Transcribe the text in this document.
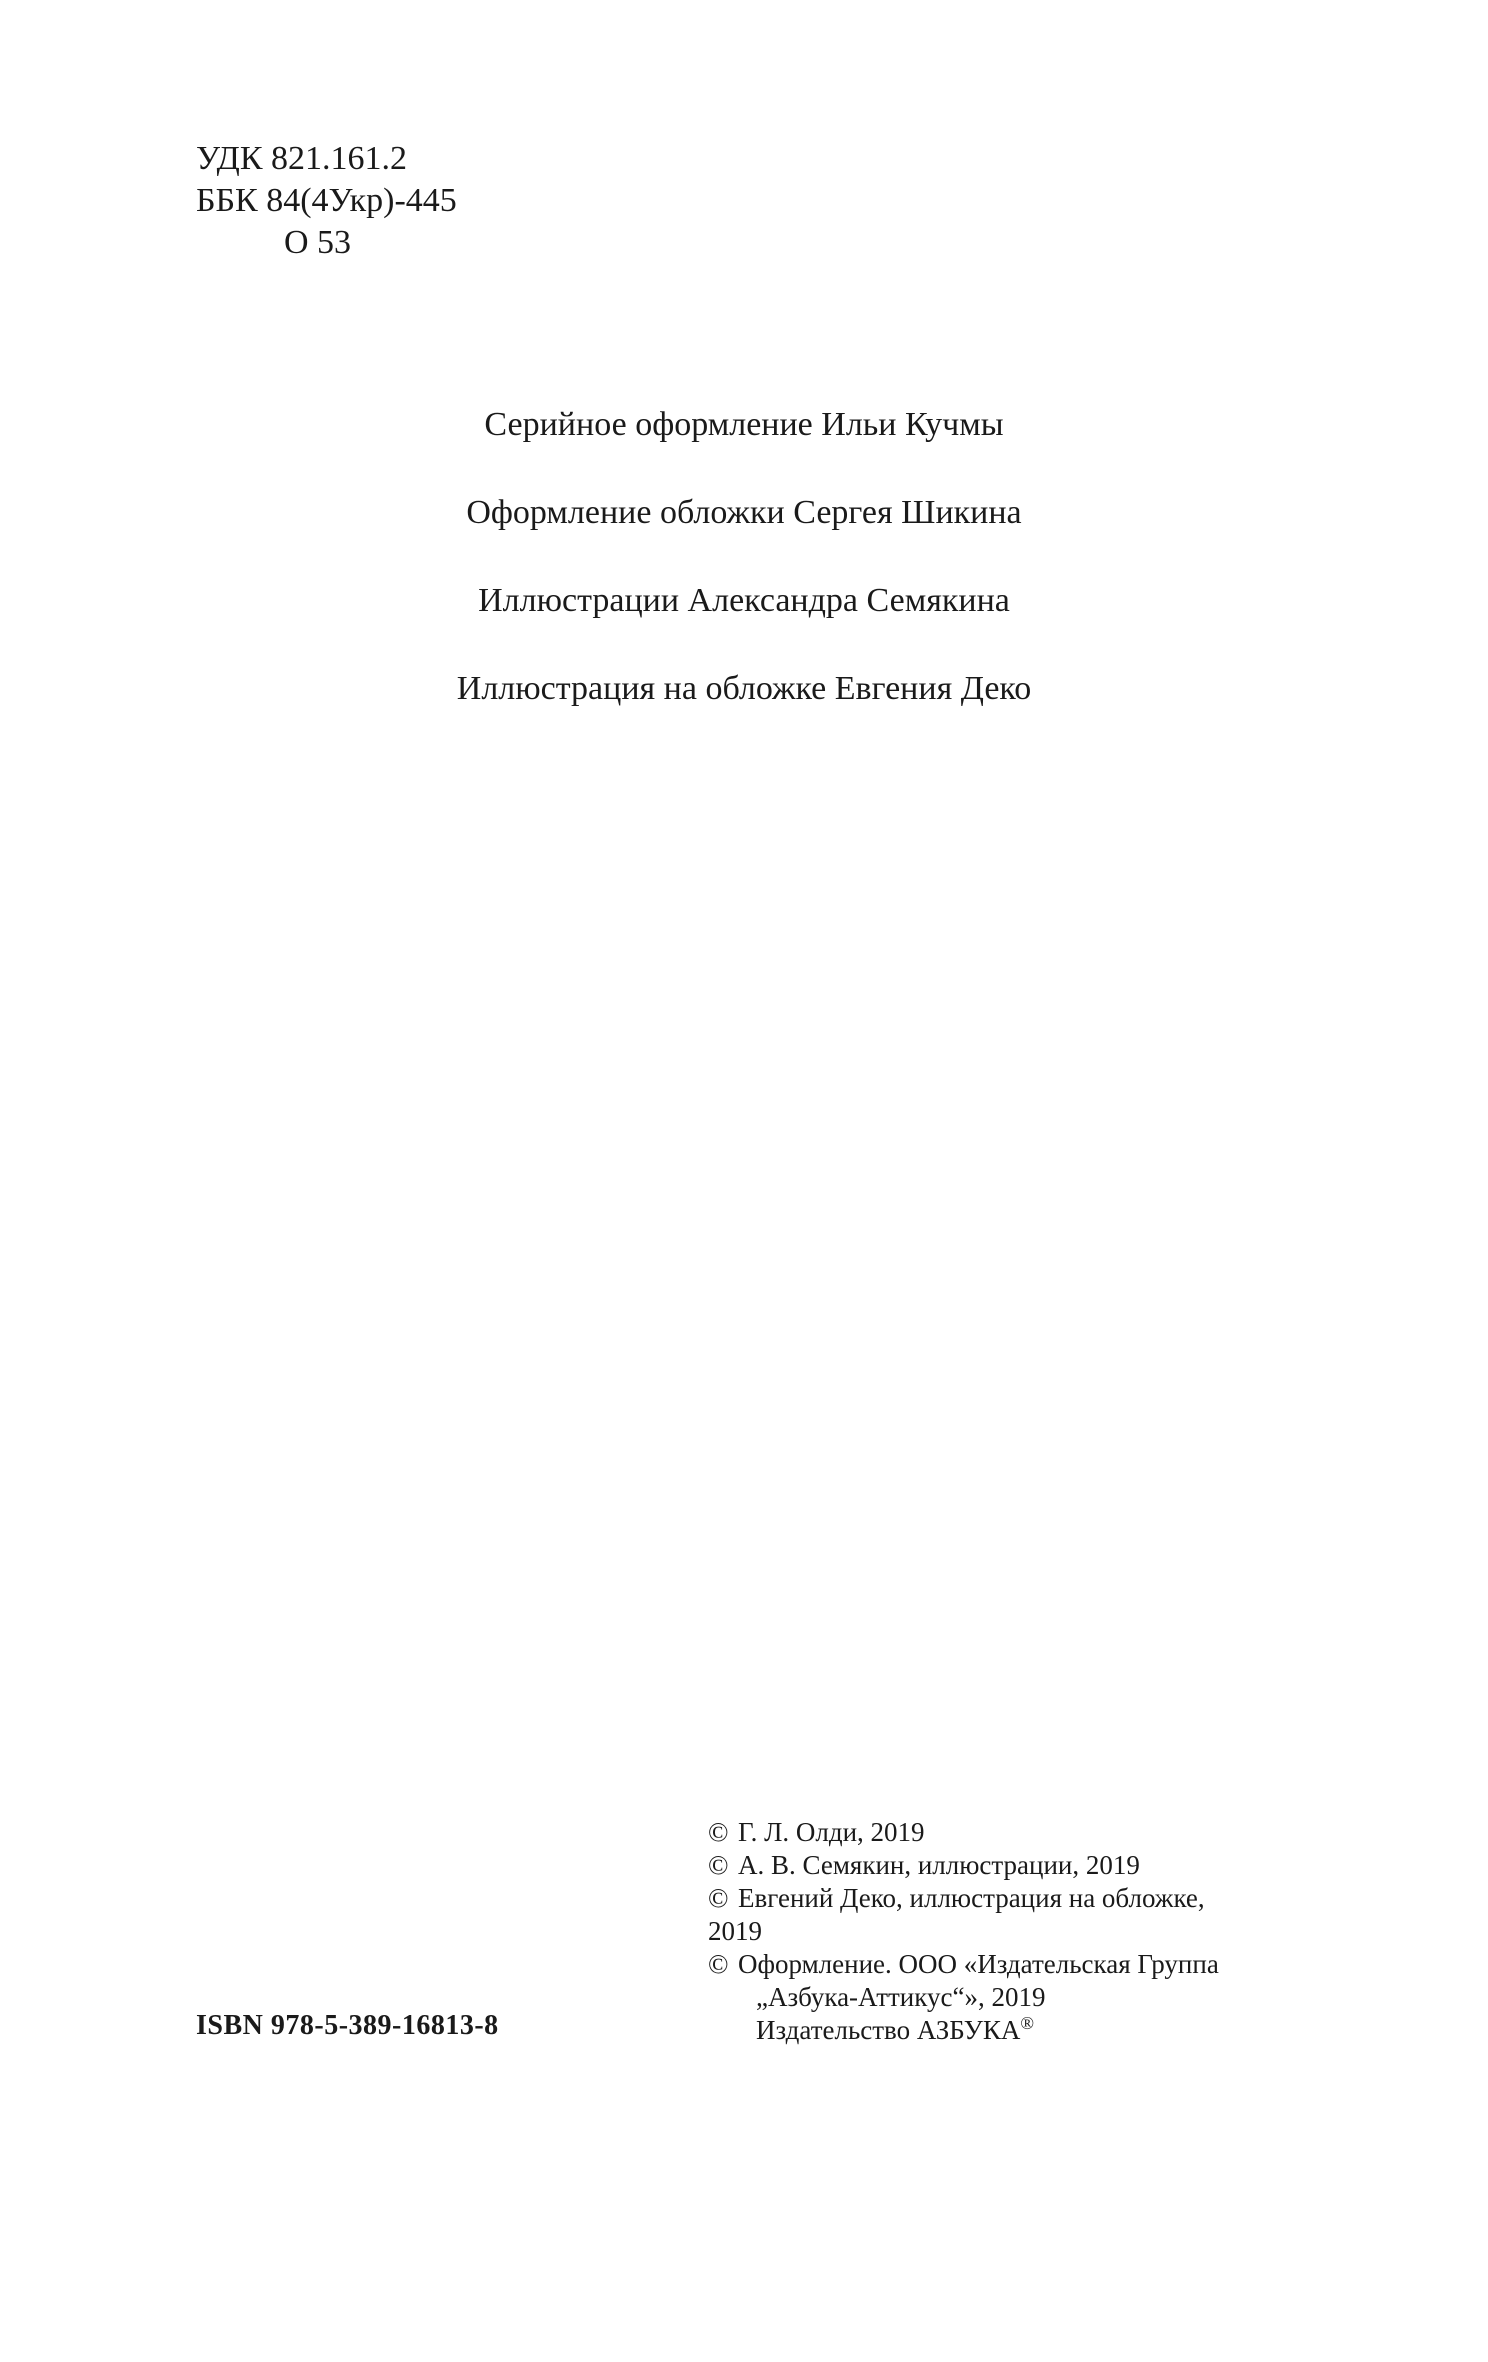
УДК 821.161.2
ББК 84(4Укр)-445
О 53
Серийное оформление Ильи Кучмы
Оформление обложки Сергея Шикина
Иллюстрации Александра Семякина
Иллюстрация на обложке Евгения Деко
© Г. Л. Олди, 2019
© А. В. Семякин, иллюстрации, 2019
© Евгений Деко, иллюстрация на обложке,
2019
© Оформление. ООО «Издательская Группа
„Азбука-Аттикус“», 2019
Издательство АЗБУКА®
ISBN 978-5-389-16813-8
